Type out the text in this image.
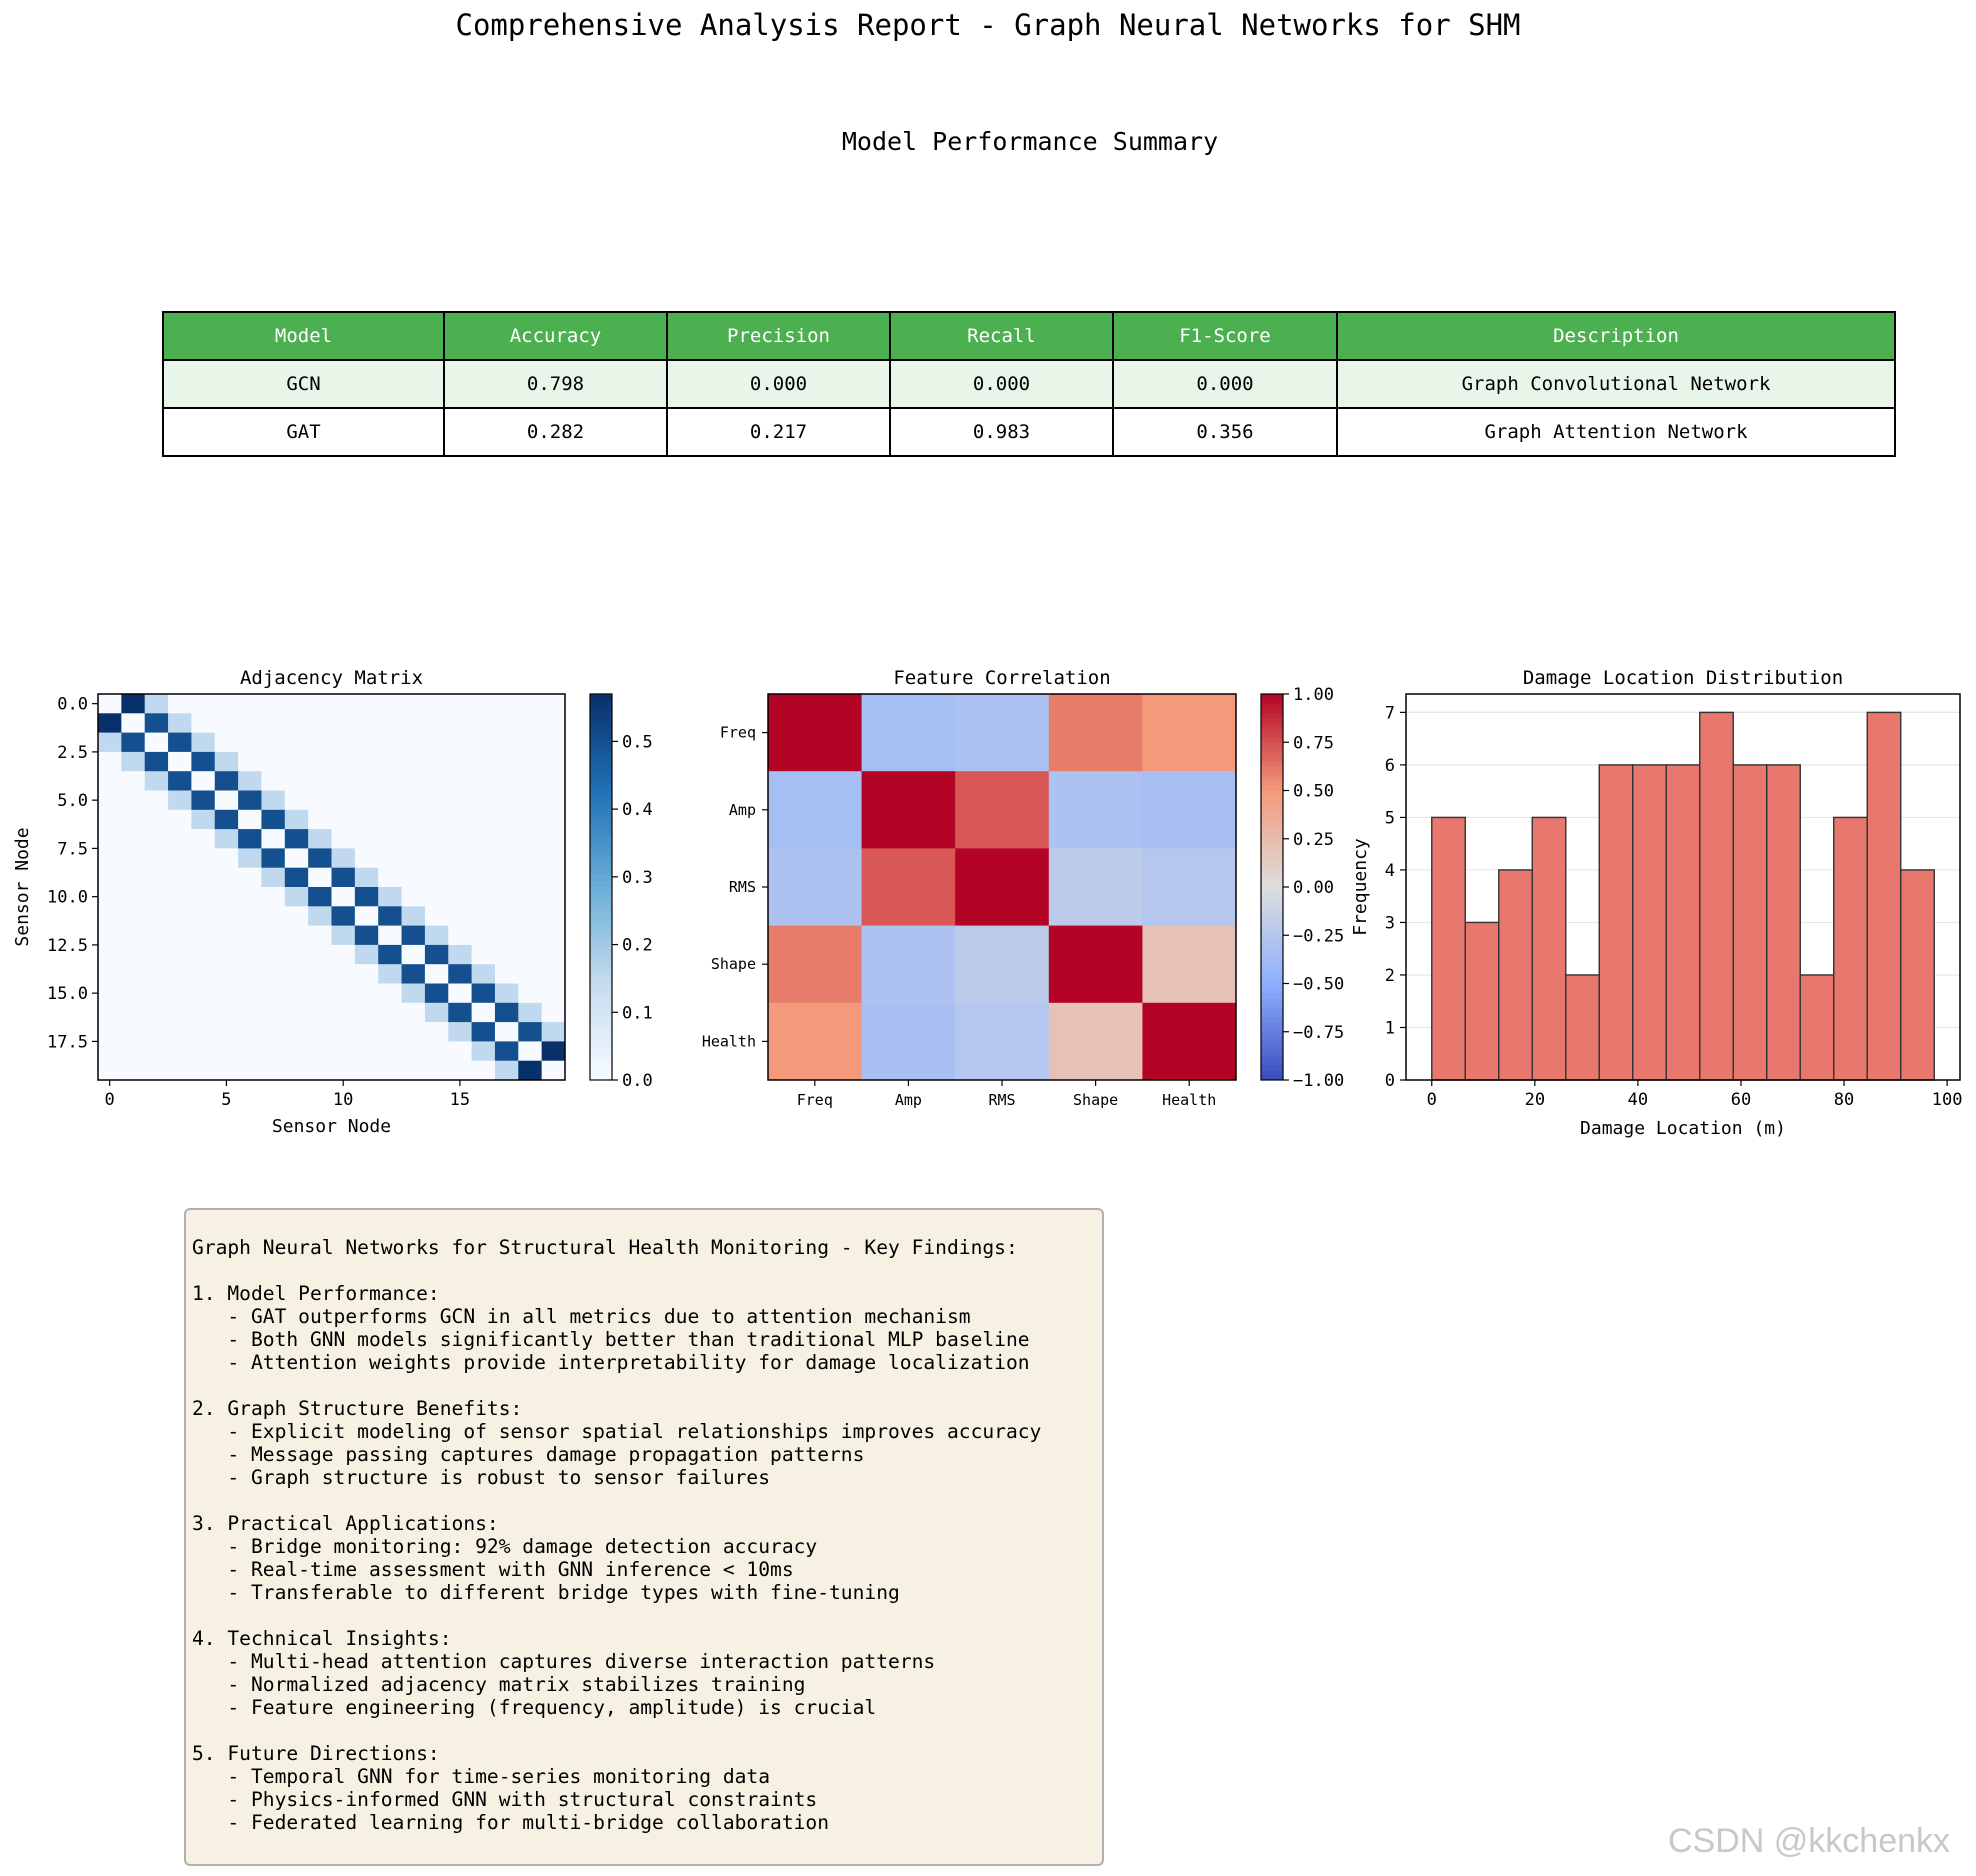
Comprehensive Analysis Report - Graph Neural Networks for SHM
Model Performance Summary
Model	Accuracy	Precision	Recall	F1-Score	Description
GCN	0.798	0.000	0.000	0.000	Graph Convolutional Network
GAT	0.282	0.217	0.983	0.356	Graph Attention Network
Adjacency Matrix
0	5	10	15
0.0
2.5
5.0
7.5
10.0
12.5
15.0
17.5
Sensor Node
Sensor Node
0.0
0.1
0.2
0.3
0.4
0.5
Feature Correlation
Freq
Freq
Amp
Amp
RMS
RMS
Shape
Shape
Health
Health
1.00
0.75
0.50
0.25
0.00
−0.25
−0.50
−0.75
−1.00
Damage Location Distribution
0	20	40	60	80	100
0
1
2
3
4
5
6
7
Damage Location (m)
Frequency
Graph Neural Networks for Structural Health Monitoring - Key Findings:

1. Model Performance:
- GAT outperforms GCN in all metrics due to attention mechanism
- Both GNN models significantly better than traditional MLP baseline
- Attention weights provide interpretability for damage localization

2. Graph Structure Benefits:
- Explicit modeling of sensor spatial relationships improves accuracy
- Message passing captures damage propagation patterns
- Graph structure is robust to sensor failures

3. Practical Applications:
- Bridge monitoring: 92% damage detection accuracy
- Real-time assessment with GNN inference < 10ms
- Transferable to different bridge types with fine-tuning

4. Technical Insights:
- Multi-head attention captures diverse interaction patterns
- Normalized adjacency matrix stabilizes training
- Feature engineering (frequency, amplitude) is crucial

5. Future Directions:
- Temporal GNN for time-series monitoring data
- Physics-informed GNN with structural constraints
- Federated learning for multi-bridge collaboration	CSDN @kkchenkx
